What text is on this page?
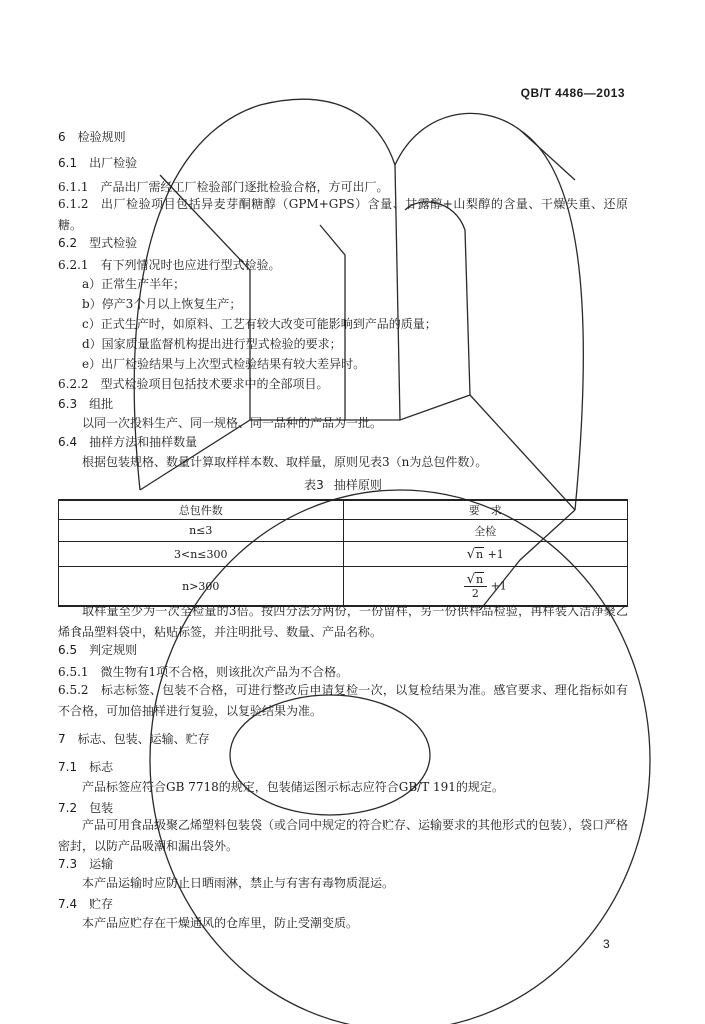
QB/T 4486—2013
6 检验规则
6.1 出厂检验
6.1.1 产品出厂需经工厂检验部门逐批检验合格，方可出厂。
6.1.2 出厂检验项目包括异麦芽酮糖醇（GPM+GPS）含量、甘露醇+山梨醇的含量、干燥失重、还原糖。
6.2 型式检验
6.2.1 有下列情况时也应进行型式检验。
a）正常生产半年；
b）停产3个月以上恢复生产；
c）正式生产时，如原料、工艺有较大改变可能影响到产品的质量；
d）国家质量监督机构提出进行型式检验的要求；
e）出厂检验结果与上次型式检验结果有较大差异时。
6.2.2 型式检验项目包括技术要求中的全部项目。
6.3 组批
以同一次投料生产、同一规格、同一品种的产品为一批。
6.4 抽样方法和抽样数量
根据包装规格、数量计算取样样本数、取样量，原则见表3（n为总包件数）。
表3 抽样原则
总包件数	要　求
n≤3	全检
3<n≤300	√n +1
n>300	$\frac{√n}{2} +1$
取样量至少为一次全检量的3倍。按四分法分两份，一份留样，另一份供样品检验，再样装入洁净聚乙烯食品塑料袋中，粘贴标签，并注明批号、数量、产品名称。
6.5 判定规则
6.5.1 微生物有1项不合格，则该批次产品为不合格。
6.5.2 标志标签、包装不合格，可进行整改后申请复检一次，以复检结果为准。感官要求、理化指标如有不合格，可加倍抽样进行复验，以复验结果为准。
7 标志、包装、运输、贮存
7.1 标志
产品标签应符合GB 7718的规定，包装储运图示标志应符合GB/T 191的规定。
7.2 包装
产品可用食品级聚乙烯塑料包装袋（或合同中规定的符合贮存、运输要求的其他形式的包装），袋口严格密封，以防产品吸潮和漏出袋外。
7.3 运输
本产品运输时应防止日晒雨淋，禁止与有害有毒物质混运。
7.4 贮存
本产品应贮存在干燥通风的仓库里，防止受潮变质。
3
